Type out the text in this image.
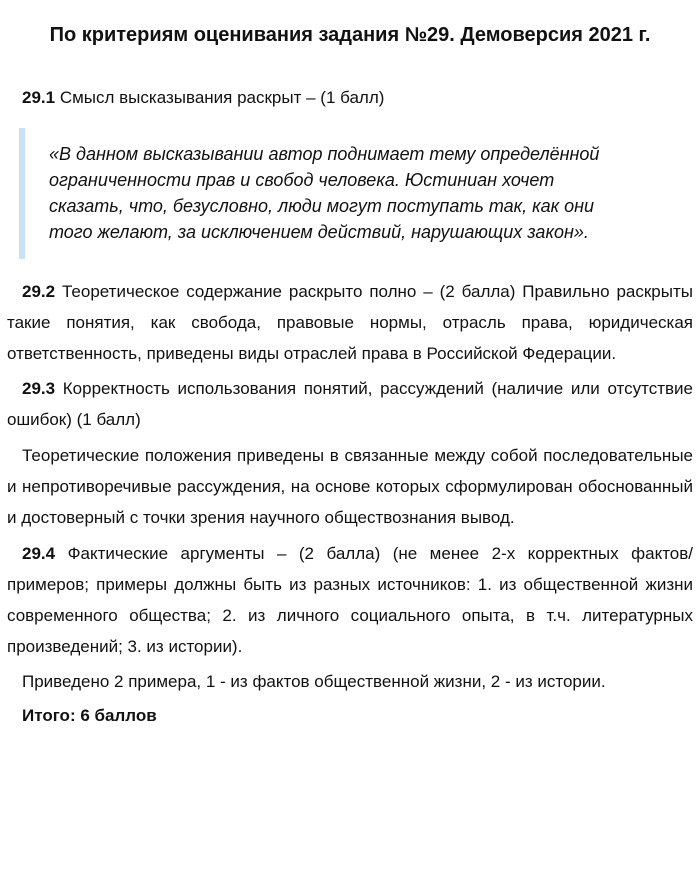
По критериям оценивания задания №29. Демоверсия 2021 г.
29.1 Смысл высказывания раскрыт – (1 балл)
«В данном высказывании автор поднимает тему определённой ограниченности прав и свобод человека. Юстиниан хочет сказать, что, безусловно, люди могут поступать так, как они того желают, за исключением действий, нарушающих закон».

29.2 Теоретическое содержание раскрыто полно – (2 балла) Правильно раскрыты такие понятия, как свобода, правовые нормы, отрасль права, юридическая ответственность, приведены виды отраслей права в Российской Федерации.

29.3 Корректность использования понятий, рассуждений (наличие или отсутствие ошибок) (1 балл)

Теоретические положения приведены в связанные между собой последовательные и непротиворечивые рассуждения, на основе которых сформулирован обоснованный и достоверный с точки зрения научного обществознания вывод.

29.4 Фактические аргументы – (2 балла) (не менее 2-х корректных фактов/примеров; примеры должны быть из разных источников: 1. из общественной жизни современного общества; 2. из личного социального опыта, в т.ч. литературных произведений; 3. из истории).

Приведено 2 примера, 1 - из фактов общественной жизни, 2 - из истории.

Итого: 6 баллов
